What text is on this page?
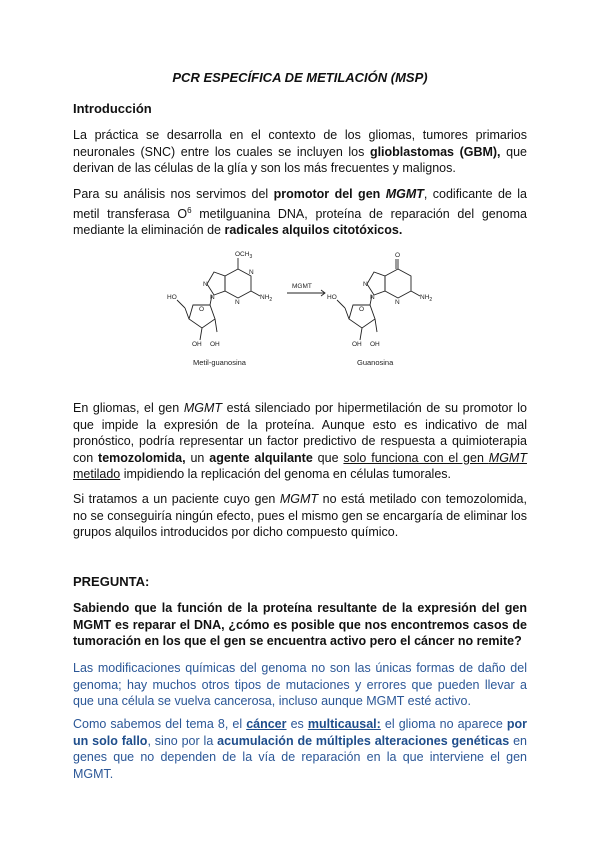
PCR ESPECÍFICA DE METILACIÓN (MSP)
Introducción

La práctica se desarrolla en el contexto de los gliomas, tumores primarios neuronales (SNC) entre los cuales se incluyen los glioblastomas (GBM), que derivan de las células de la glía y son los más frecuentes y malignos.

Para su análisis nos servimos del promotor del gen MGMT, codificante de la metil transferasa $O^6$ metilguanina DNA, proteína de reparación del genoma mediante la eliminación de radicales alquilos citotóxicos.

$OCH_3$
$NH_2$
N
N
N
N
O
HO
OH OH
Metil-guanosina
MGMT
O
$NH_2$
N
N
N
O
HO
OH OH
Guanosina

En gliomas, el gen MGMT está silenciado por hipermetilación de su promotor lo que impide la expresión de la proteína. Aunque esto es indicativo de mal pronóstico, podría representar un factor predictivo de respuesta a quimioterapia con temozolomida, un agente alquilante que solo funciona con el gen MGMT metilado impidiendo la replicación del genoma en células tumorales.

Si tratamos a un paciente cuyo gen MGMT no está metilado con temozolomida, no se conseguiría ningún efecto, pues el mismo gen se encargaría de eliminar los grupos alquilos introducidos por dicho compuesto químico.

PREGUNTA:

Sabiendo que la función de la proteína resultante de la expresión del gen MGMT es reparar el DNA, ¿cómo es posible que nos encontremos casos de tumoración en los que el gen se encuentra activo pero el cáncer no remite?

Las modificaciones químicas del genoma no son las únicas formas de daño del genoma; hay muchos otros tipos de mutaciones y errores que pueden llevar a que una célula se vuelva cancerosa, incluso aunque MGMT esté activo.

Como sabemos del tema 8, el cáncer es multicausal: el glioma no aparece por un solo fallo, sino por la acumulación de múltiples alteraciones genéticas en genes que no dependen de la vía de reparación en la que interviene el gen MGMT.
